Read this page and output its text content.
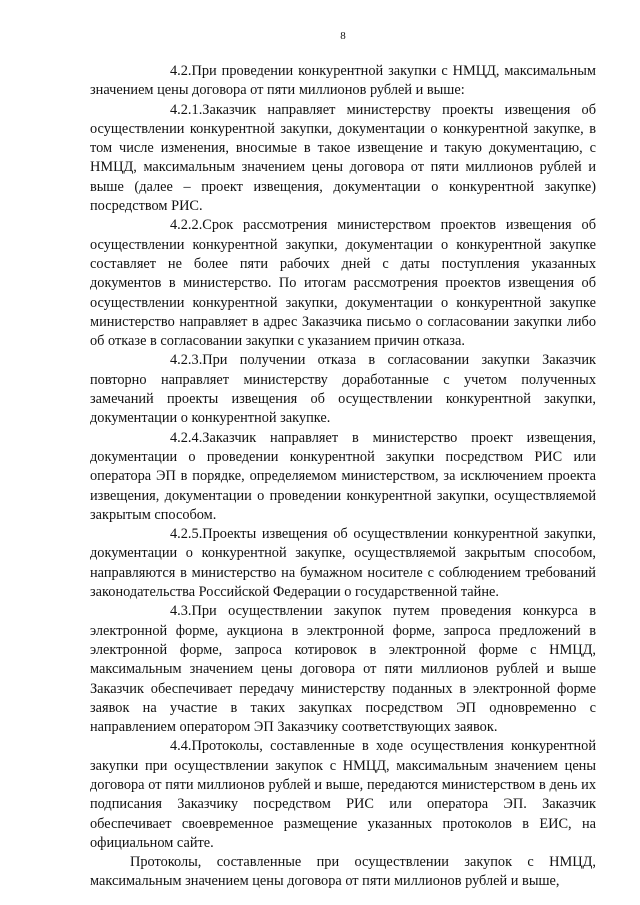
8

4.2.При проведении конкурентной закупки с НМЦД, максимальным значением цены договора от пяти миллионов рублей и выше:

4.2.1.Заказчик направляет министерству проекты извещения об осуществлении конкурентной закупки, документации о конкурентной закупке, в том числе изменения, вносимые в такое извещение и такую документацию, с НМЦД, максимальным значением цены договора от пяти миллионов рублей и выше (далее – проект извещения, документации о конкурентной закупке) посредством РИС.

4.2.2.Срок рассмотрения министерством проектов извещения об осуществлении конкурентной закупки, документации о конкурентной закупке составляет не более пяти рабочих дней с даты поступления указанных документов в министерство. По итогам рассмотрения проектов извещения об осуществлении конкурентной закупки, документации о конкурентной закупке министерство направляет в адрес Заказчика письмо о согласовании закупки либо об отказе в согласовании закупки с указанием причин отказа.

4.2.3.При получении отказа в согласовании закупки Заказчик повторно направляет министерству доработанные с учетом полученных замечаний проекты извещения об осуществлении конкурентной закупки, документации о конкурентной закупке.

4.2.4.Заказчик направляет в министерство проект извещения, документации о проведении конкурентной закупки посредством РИС или оператора ЭП в порядке, определяемом министерством, за исключением проекта извещения, документации о проведении конкурентной закупки, осуществляемой закрытым способом.

4.2.5.Проекты извещения об осуществлении конкурентной закупки, документации о конкурентной закупке, осуществляемой закрытым способом, направляются в министерство на бумажном носителе с соблюдением требований законодательства Российской Федерации о государственной тайне.

4.3.При осуществлении закупок путем проведения конкурса в электронной форме, аукциона в электронной форме, запроса предложений в электронной форме, запроса котировок в электронной форме с НМЦД, максимальным значением цены договора от пяти миллионов рублей и выше Заказчик обеспечивает передачу министерству поданных в электронной форме заявок на участие в таких закупках посредством ЭП одновременно с направлением оператором ЭП Заказчику соответствующих заявок.

4.4.Протоколы, составленные в ходе осуществления конкурентной закупки при осуществлении закупок с НМЦД, максимальным значением цены договора от пяти миллионов рублей и выше, передаются министерством в день их подписания Заказчику посредством РИС или оператора ЭП. Заказчик обеспечивает своевременное размещение указанных протоколов в ЕИС, на официальном сайте.

Протоколы, составленные при осуществлении закупок с НМЦД, максимальным значением цены договора от пяти миллионов рублей и выше,
